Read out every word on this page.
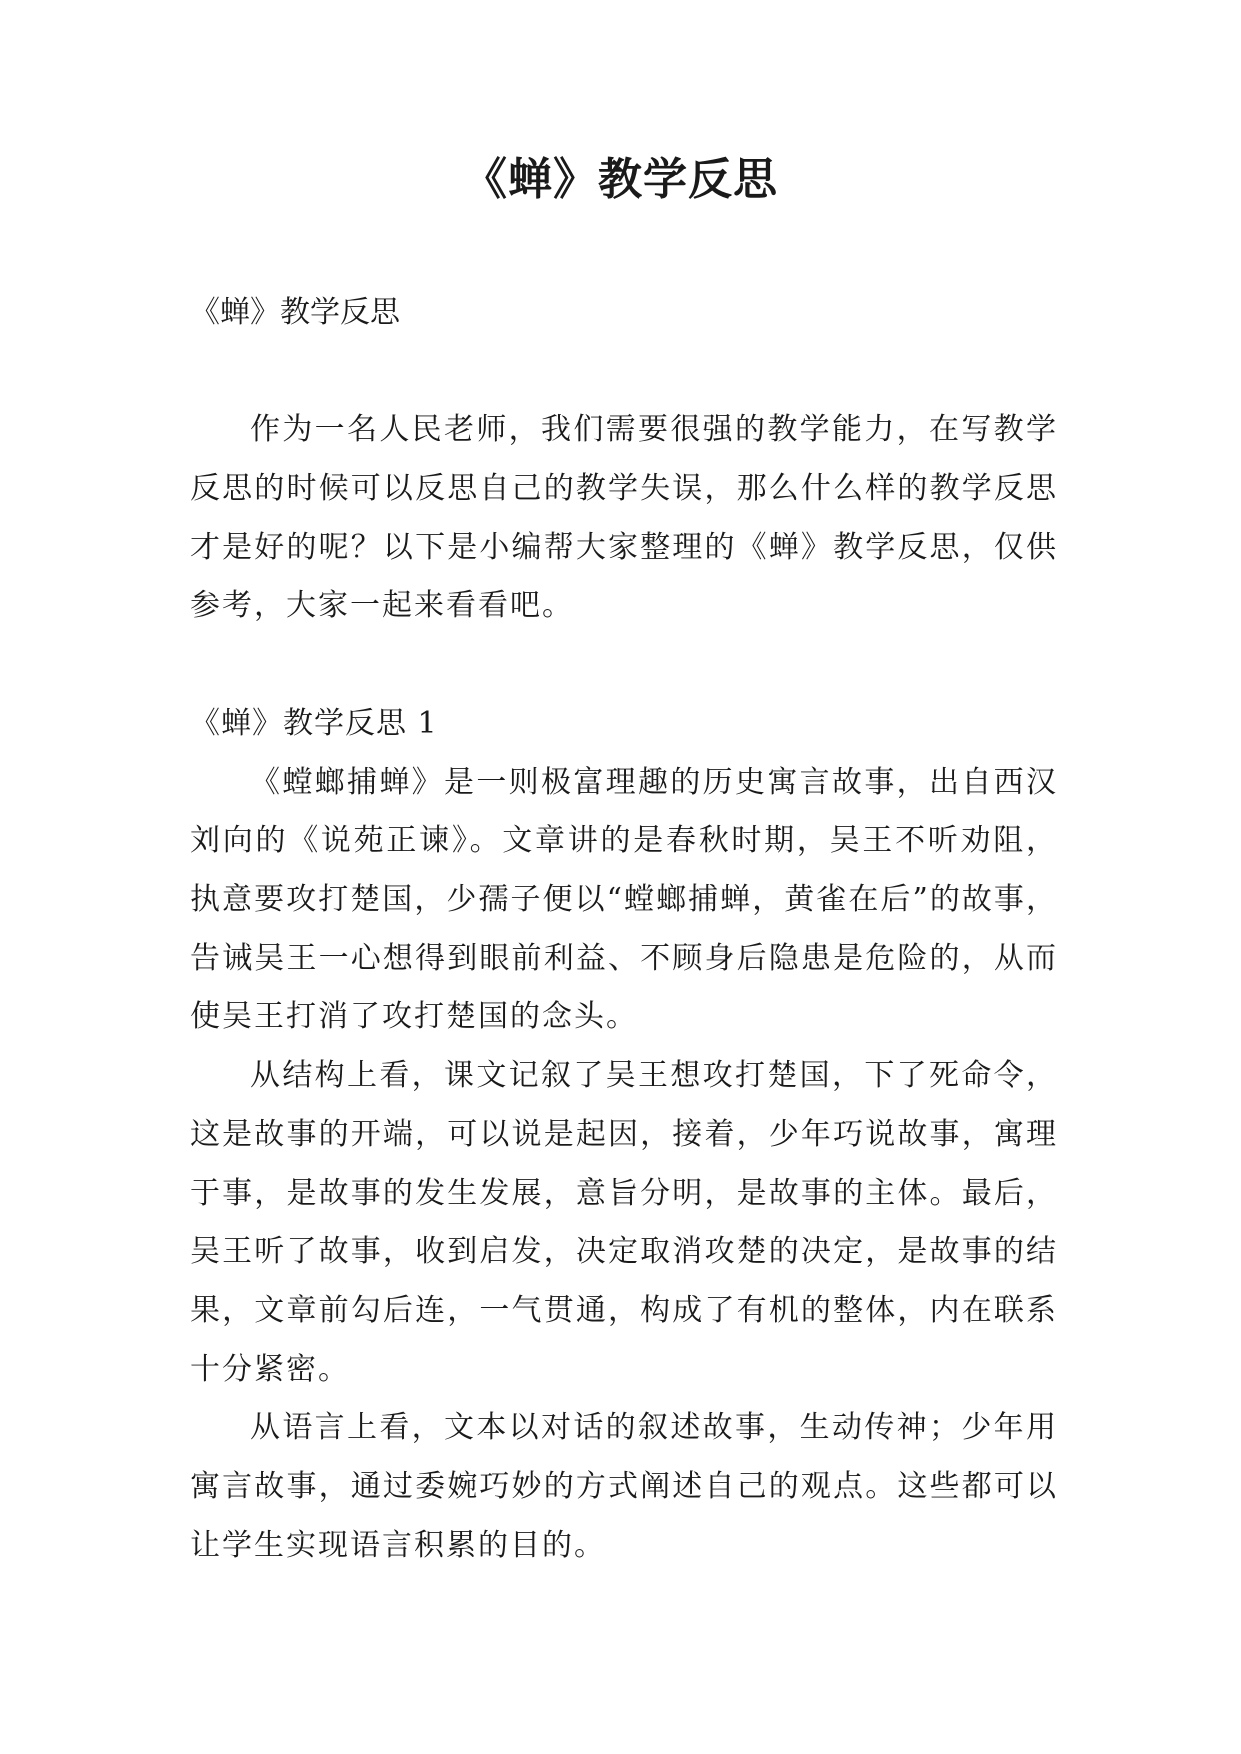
《蝉》教学反思

《蝉》教学反思

作为一名人民老师，我们需要很强的教学能力，在写教学反思的时候可以反思自己的教学失误，那么什么样的教学反思才是好的呢？以下是小编帮大家整理的《蝉》教学反思，仅供参考，大家一起来看看吧。

《蝉》教学反思 1

《螳螂捕蝉》是一则极富理趣的历史寓言故事，出自西汉刘向的《说苑正谏》。文章讲的是春秋时期，吴王不听劝阻，执意要攻打楚国，少孺子便以“螳螂捕蝉，黄雀在后”的故事，告诫吴王一心想得到眼前利益、不顾身后隐患是危险的，从而使吴王打消了攻打楚国的念头。

从结构上看，课文记叙了吴王想攻打楚国，下了死命令，这是故事的开端，可以说是起因，接着，少年巧说故事，寓理于事，是故事的发生发展，意旨分明，是故事的主体。最后，吴王听了故事，收到启发，决定取消攻楚的决定，是故事的结果，文章前勾后连，一气贯通，构成了有机的整体，内在联系十分紧密。

从语言上看，文本以对话的叙述故事，生动传神；少年用寓言故事，通过委婉巧妙的方式阐述自己的观点。这些都可以让学生实现语言积累的目的。
